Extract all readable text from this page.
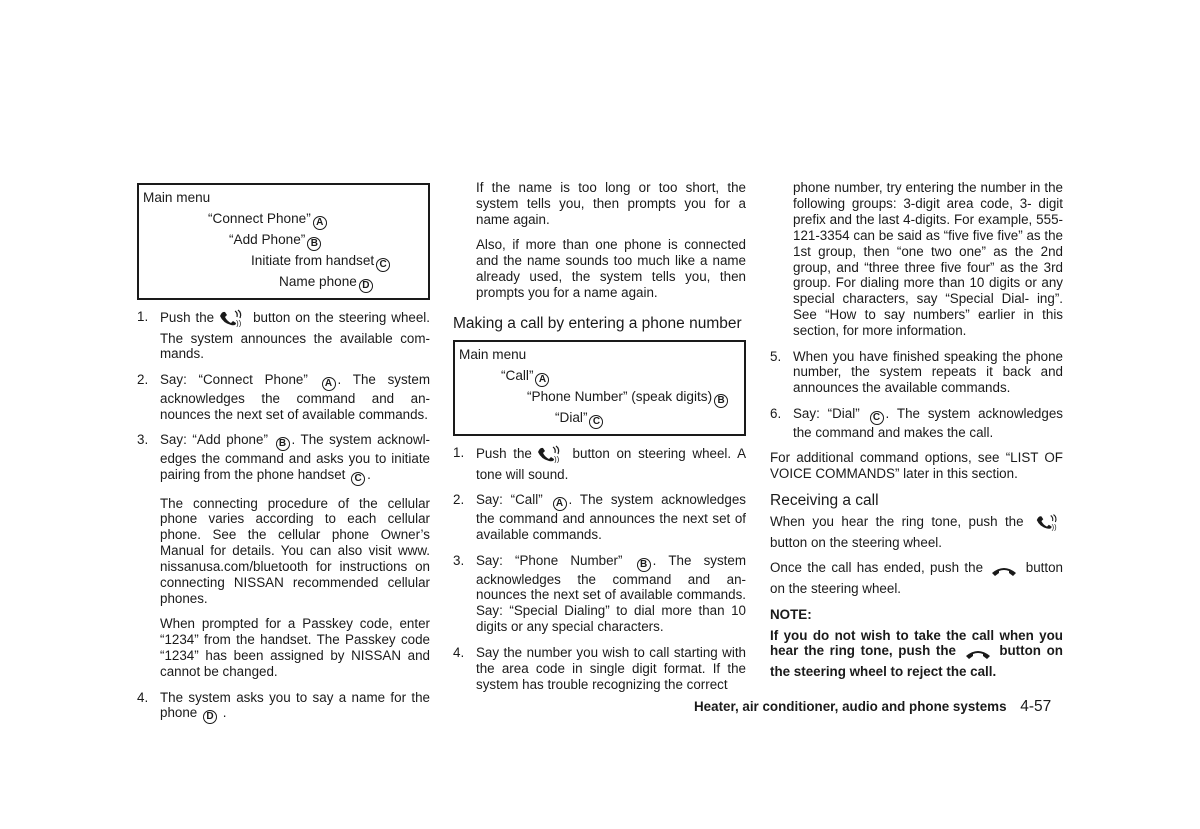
Main menu
“Connect Phone” A
“Add Phone” B
Initiate from handset C
Name phone D
1. Push the	)) button on the steering wheel. The system announces the available com- mands.
2. Say: “Connect Phone” A . The system acknowledges the command and an- nounces the next set of available commands.
3. Say: “Add phone” B . The system acknowl- edges the command and asks you to initiate pairing from the phone handset C .

The connecting procedure of the cellular phone varies according to each cellular phone. See the cellular phone Owner’s Manual for details. You can also visit www. nissanusa.com/bluetooth for instructions on connecting NISSAN recommended cellular phones.

When prompted for a Passkey code, enter “1234” from the handset. The Passkey code “1234” has been assigned by NISSAN and cannot be changed.

4. The system asks you to say a name for the phone D .

If the name is too long or too short, the system tells you, then prompts you for a name again.

Also, if more than one phone is connected and the name sounds too much like a name already used, the system tells you, then prompts you for a name again.

Making a call by entering a phone number
Main menu
“Call” A
“Phone Number” (speak digits) B
“Dial” C
1. Push the	)) button on steering wheel. A tone will sound.
2. Say: “Call” A . The system acknowledges the command and announces the next set of available commands.
3. Say: “Phone Number” B . The system acknowledges the command and an- nounces the next set of available commands. Say: “Special Dialing” to dial more than 10 digits or any special characters.
4. Say the number you wish to call starting with the area code in single digit format. If the system has trouble recognizing the correct

phone number, try entering the number in the following groups: 3-digit area code, 3- digit prefix and the last 4-digits. For example, 555-121-3354 can be said as “five five five” as the 1st group, then “one two one” as the 2nd group, and “three three five four” as the 3rd group. For dialing more than 10 digits or any special characters, say “Special Dial- ing”. See “How to say numbers” earlier in this section, for more information.

5. When you have finished speaking the phone number, the system repeats it back and announces the available commands.
6. Say: “Dial” C . The system acknowledges the command and makes the call.

For additional command options, see “LIST OF VOICE COMMANDS” later in this section.

Receiving a call

When you hear the ring tone, push the	))
button on the steering wheel.

Once the call has ended, push the	button on the steering wheel.

NOTE:

If you do not wish to take the call when you hear the ring tone, push the	button on the steering wheel to reject the call.

Heater, air conditioner, audio and phone systems 4-57
